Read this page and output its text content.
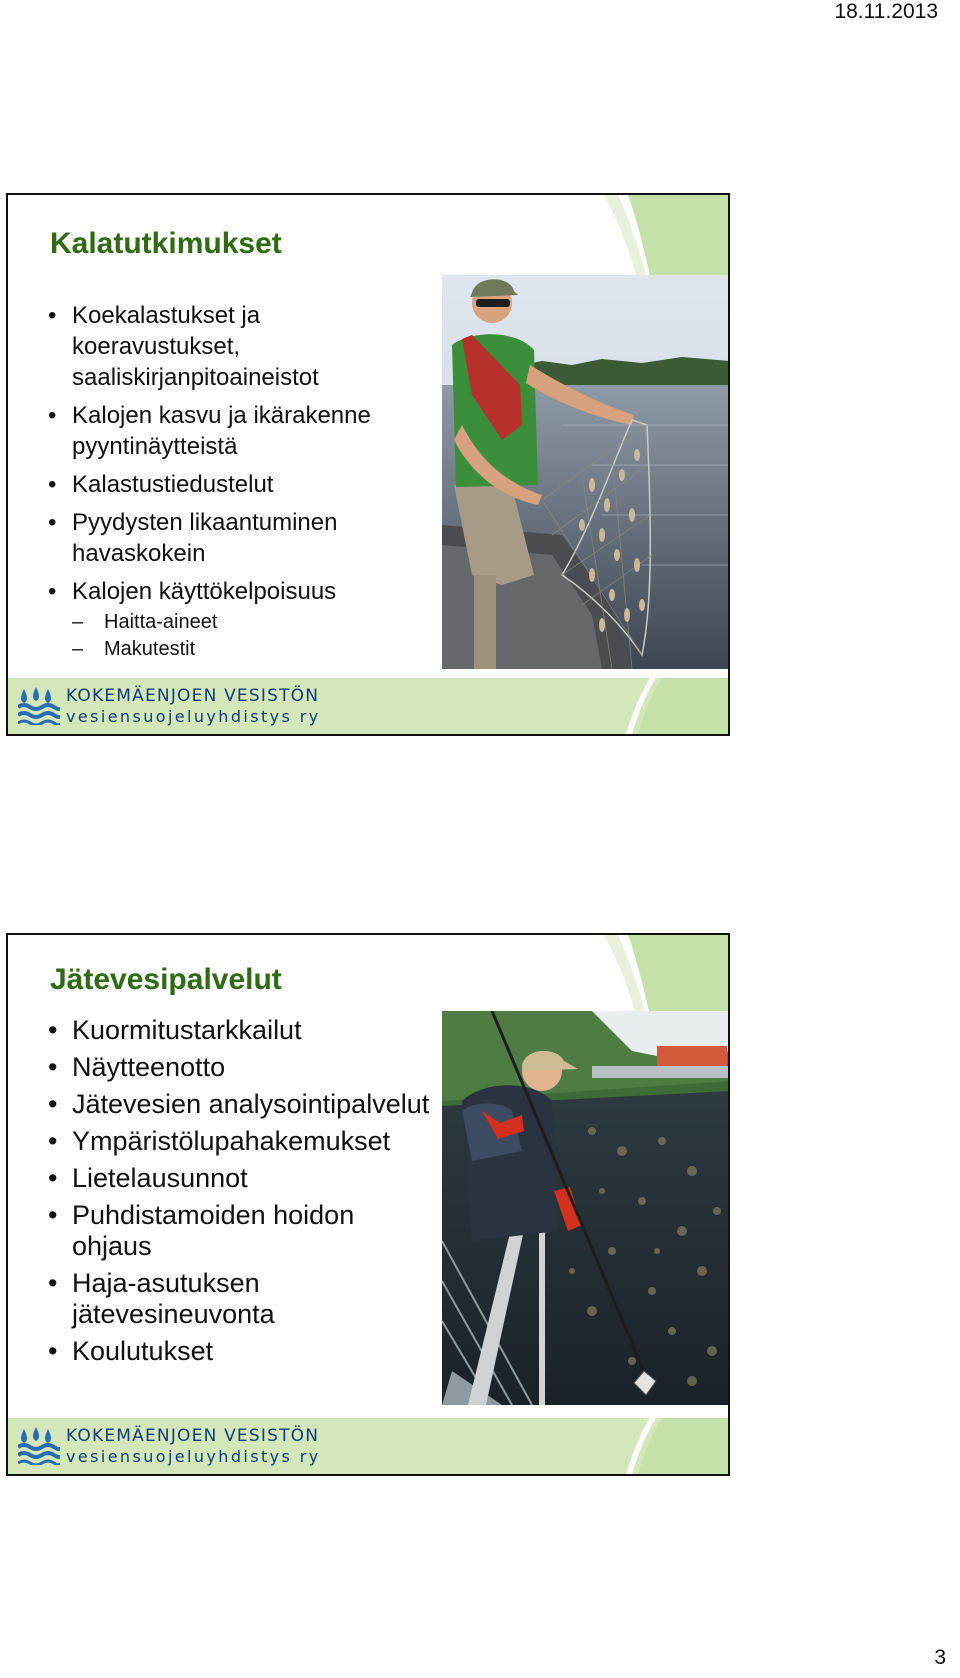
18.11.2013
Kalatutkimukset
• Koekalastukset ja koeravustukset, saaliskirjanpitoaineistot
• Kalojen kasvu ja ikärakenne pyyntinäytteistä
• Kalastustiedustelut
• Pyydysten likaantuminen havaskokein
• Kalojen käyttökelpoisuus
– Haitta-aineet
– Makutestit
KOKEMÄENJOEN VESISTÖN
vesiensuojeluyhdistys ry
Jätevesipalvelut
• Kuormitustarkkailut
• Näytteenotto
• Jätevesien analysointipalvelut
• Ympäristölupahakemukset
• Lietelausunnot
• Puhdistamoiden hoidon ohjaus
• Haja-asutuksen jätevesineuvonta
• Koulutukset
KOKEMÄENJOEN VESISTÖN
vesiensuojeluyhdistys ry
3
